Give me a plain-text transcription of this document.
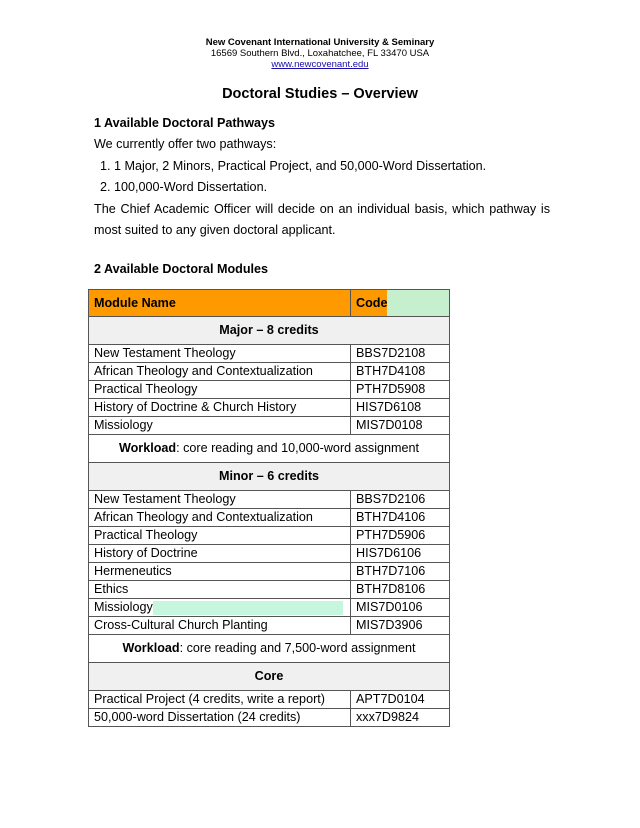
New Covenant International University & Seminary
16569 Southern Blvd., Loxahatchee, FL 33470 USA
www.newcovenant.edu
Doctoral Studies – Overview

1 Available Doctoral Pathways

We currently offer two pathways:

1. 1 Major, 2 Minors, Practical Project, and 50,000-Word Dissertation.
2. 100,000-Word Dissertation.

The Chief Academic Officer will decide on an individual basis, which pathway is most suited to any given doctoral applicant.

2 Available Doctoral Modules

Module Name	Code
Major – 8 credits	
New Testament Theology	BBS7D2108
African Theology and Contextualization	BTH7D4108
Practical Theology	PTH7D5908
History of Doctrine & Church History	HIS7D6108
Missiology	MIS7D0108
Workload: core reading and 10,000-word assignment	
Minor – 6 credits	
New Testament Theology	BBS7D2106
African Theology and Contextualization	BTH7D4106
Practical Theology	PTH7D5906
History of Doctrine	HIS7D6106
Hermeneutics	BTH7D7106
Ethics	BTH7D8106
Missiology	MIS7D0106
Cross-Cultural Church Planting	MIS7D3906
Workload: core reading and 7,500-word assignment	
Core	
Practical Project (4 credits, write a report)	APT7D0104
50,000-word Dissertation (24 credits)	xxx7D9824
